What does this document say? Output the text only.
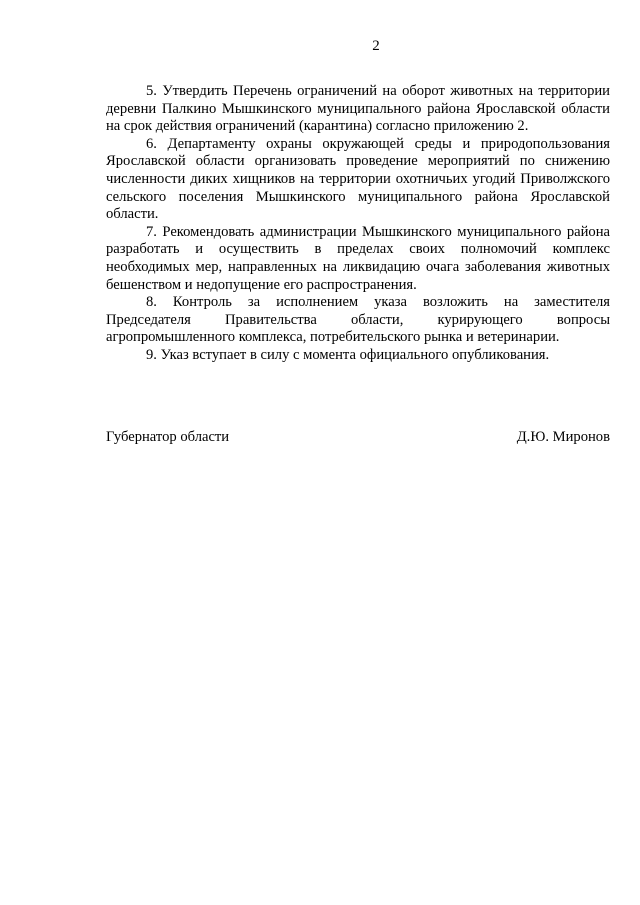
2

5. Утвердить Перечень ограничений на оборот животных на территории деревни Палкино Мышкинского муниципального района Ярославской области на срок действия ограничений (карантина) согласно приложению 2.

6. Департаменту охраны окружающей среды и природопользования Ярославской области организовать проведение мероприятий по снижению численности диких хищников на территории охотничьих угодий Приволжского сельского поселения Мышкинского муниципального района Ярославской области.

7. Рекомендовать администрации Мышкинского муниципального района разработать и осуществить в пределах своих полномочий комплекс необходимых мер, направленных на ликвидацию очага заболевания животных бешенством и недопущение его распространения.

8. Контроль за исполнением указа возложить на заместителя Председателя Правительства области, курирующего вопросы агропромышленного комплекса, потребительского рынка и ветеринарии.

9. Указ вступает в силу с момента официального опубликования.

Губернатор области	Д.Ю. Миронов
